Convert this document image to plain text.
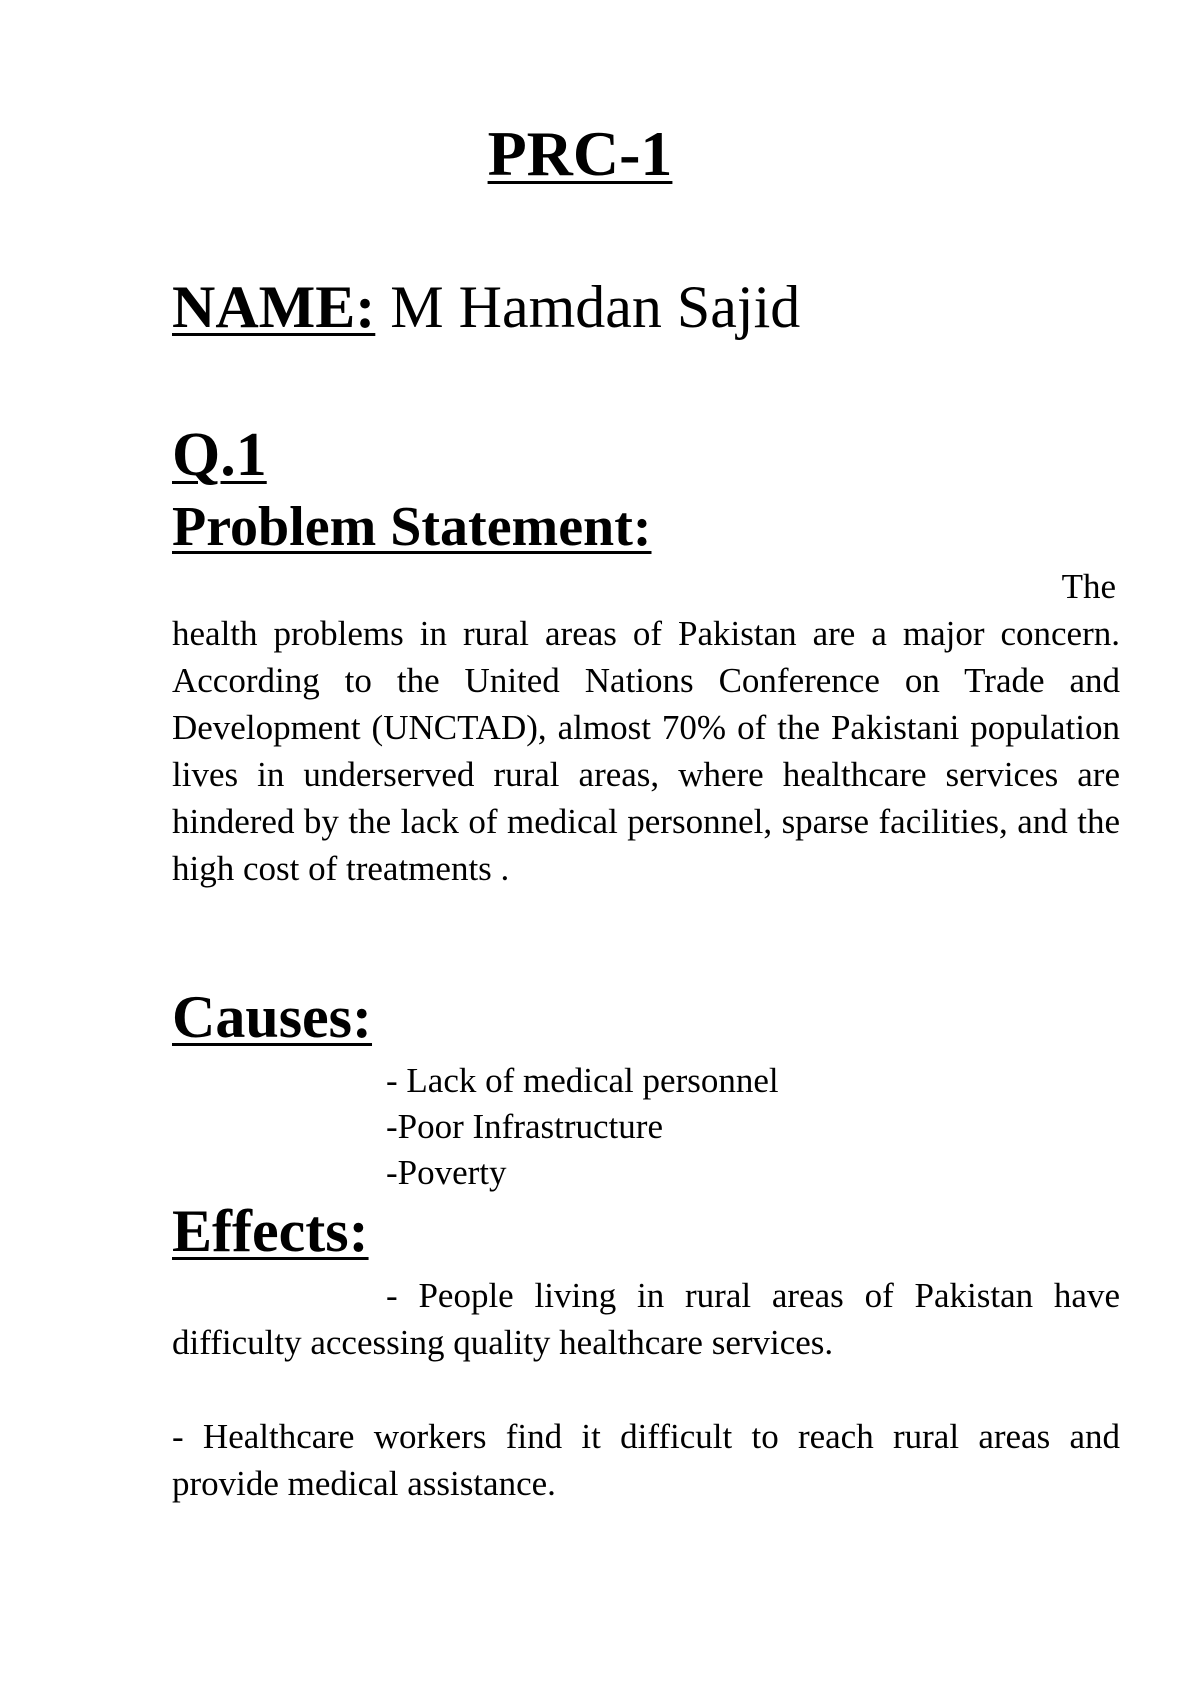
PRC-1
NAME: M Hamdan Sajid
Q.1
Problem Statement:
The
health problems in rural areas of Pakistan are a major concern. According to the United Nations Conference on Trade and Development (UNCTAD), almost 70% of the Pakistani population lives in underserved rural areas, where healthcare services are hindered by the lack of medical personnel, sparse facilities, and the high cost of treatments .
Causes:
- Lack of medical personnel
-Poor Infrastructure
-Poverty
Effects:
- People living in rural areas of Pakistan have difficulty accessing quality healthcare services.
- Healthcare workers find it difficult to reach rural areas and provide medical assistance.
